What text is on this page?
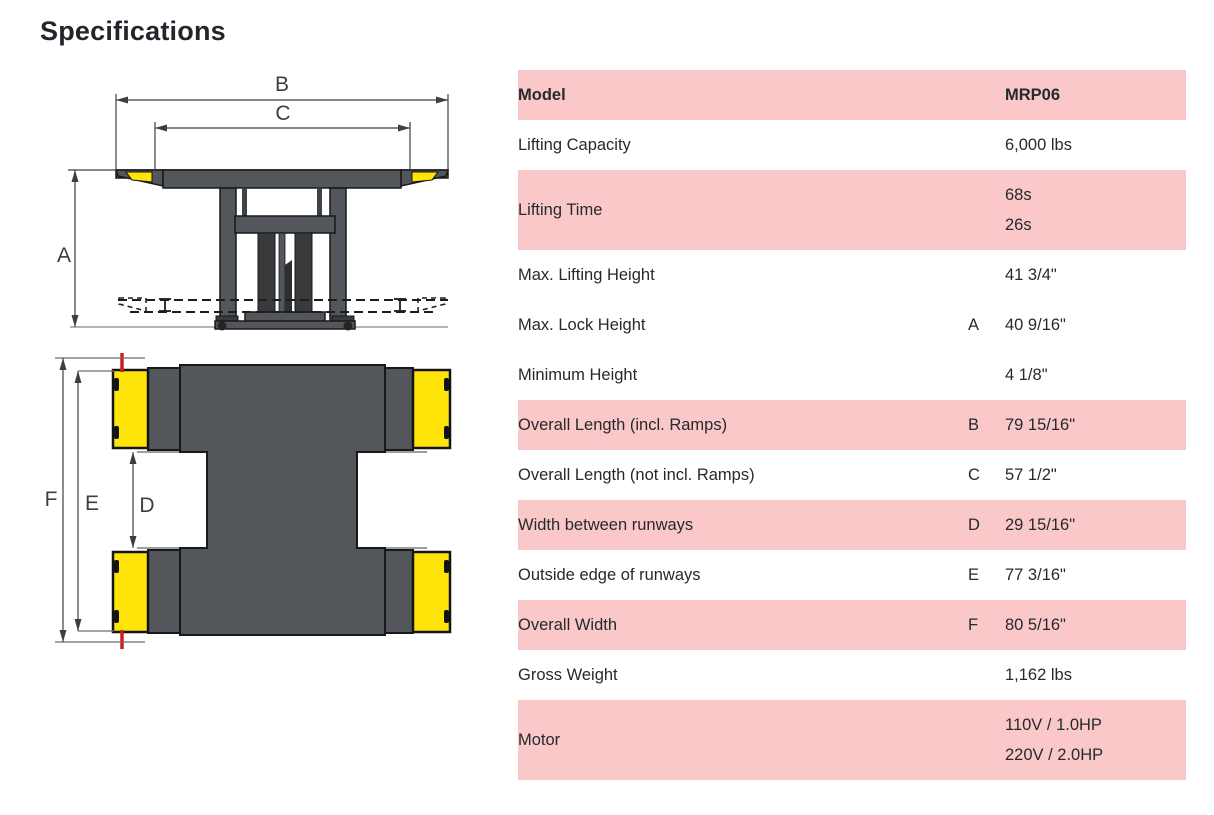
Specifications
B
C
A
F E D
Model		MRP06

Lifting Capacity		6,000 lbs

Lifting Time		68s
26s

Max. Lifting Height		41 3/4"

Max. Lock Height	A	40 9/16"

Minimum Height		4 1/8"

Overall Length (incl. Ramps)	B	79 15/16"

Overall Length (not incl. Ramps)	C	57 1/2"

Width between runways	D	29 15/16"

Outside edge of runways	E	77 3/16"

Overall Width	F	80 5/16"

Gross Weight		1,162 lbs

Motor		110V / 1.0HP
220V / 2.0HP
